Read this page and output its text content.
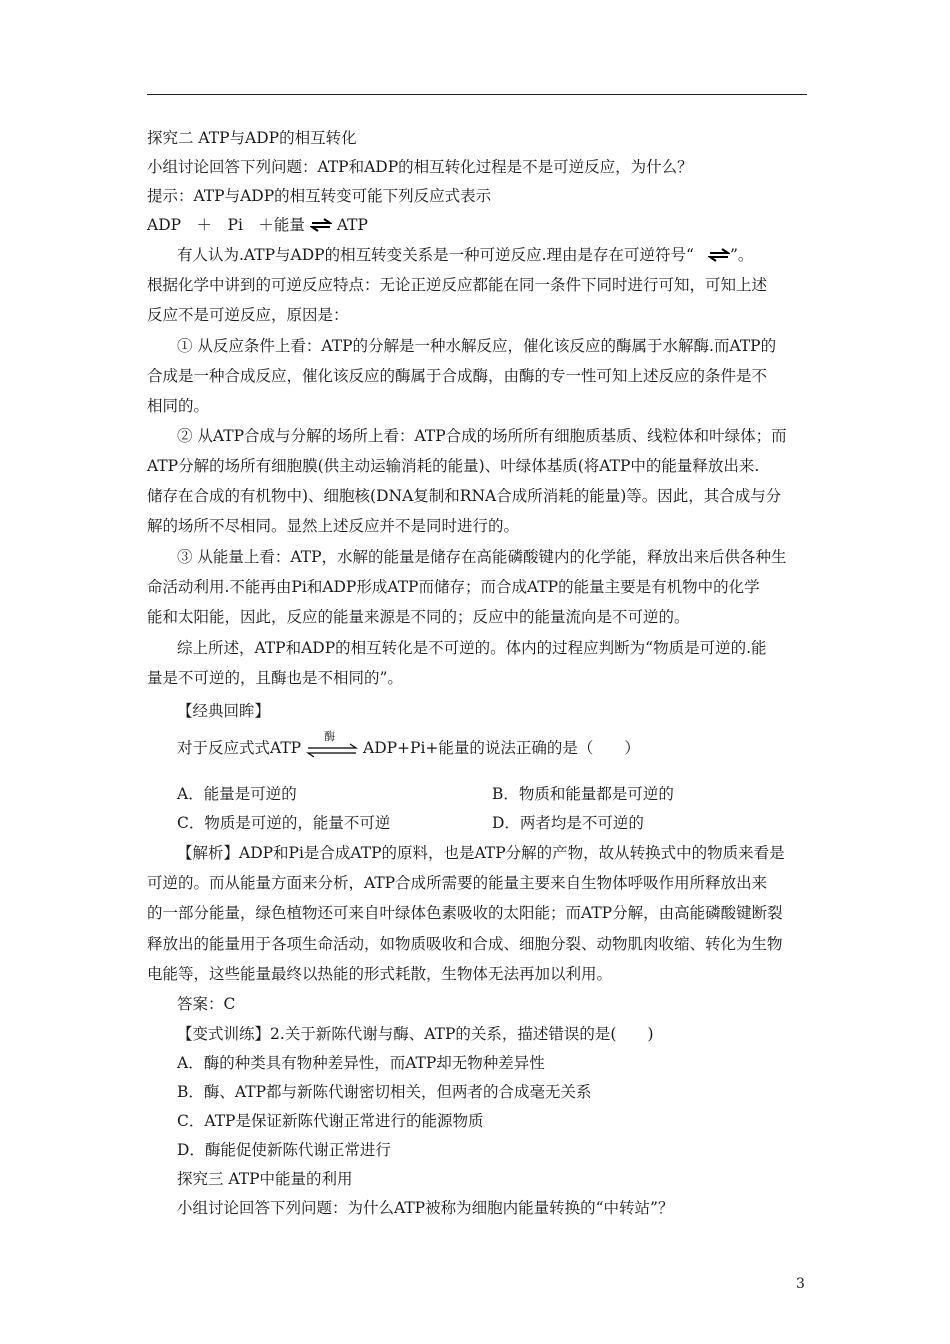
探究二 ATP与ADP的相互转化
小组讨论回答下列问题：ATP和ADP的相互转化过程是不是可逆反应，为什么？
提示：ATP与ADP的相互转变可能下列反应式表示
ADP　＋　Pi　＋能量 ⇌ ATP
有人认为.ATP与ADP的相互转变关系是一种可逆反应.理由是存在可逆符号“ ⇌”。
根据化学中讲到的可逆反应特点：无论正逆反应都能在同一条件下同时进行可知，可知上述
反应不是可逆反应，原因是：
① 从反应条件上看：ATP的分解是一种水解反应，催化该反应的酶属于水解酶.而ATP的
合成是一种合成反应，催化该反应的酶属于合成酶，由酶的专一性可知上述反应的条件是不
相同的。
② 从ATP合成与分解的场所上看：ATP合成的场所所有细胞质基质、线粒体和叶绿体；而
ATP分解的场所有细胞膜(供主动运输消耗的能量)、叶绿体基质(将ATP中的能量释放出来.
储存在合成的有机物中)、细胞核(DNA复制和RNA合成所消耗的能量)等。因此，其合成与分
解的场所不尽相同。显然上述反应并不是同时进行的。
③ 从能量上看：ATP，水解的能量是储存在高能磷酸键内的化学能，释放出来后供各种生
命活动利用.不能再由Pi和ADP形成ATP而储存；而合成ATP的能量主要是有机物中的化学
能和太阳能，因此，反应的能量来源是不同的；反应中的能量流向是不可逆的。
综上所述，ATP和ADP的相互转化是不可逆的。体内的过程应判断为“物质是可逆的.能
量是不可逆的，且酶也是不相同的”。
【经典回眸】
对于反应式式ATP
酶
ADP+Pi+能量的说法正确的是（　　）
A．能量是可逆的	B．物质和能量都是可逆的
C．物质是可逆的，能量不可逆	D．两者均是不可逆的
【解析】ADP和Pi是合成ATP的原料，也是ATP分解的产物，故从转换式中的物质来看是
可逆的。而从能量方面来分析，ATP合成所需要的能量主要来自生物体呼吸作用所释放出来
的一部分能量，绿色植物还可来自叶绿体色素吸收的太阳能；而ATP分解，由高能磷酸键断裂
释放出的能量用于各项生命活动，如物质吸收和合成、细胞分裂、动物肌肉收缩、转化为生物
电能等，这些能量最终以热能的形式耗散，生物体无法再加以利用。
答案：C
【变式训练】2.关于新陈代谢与酶、ATP的关系，描述错误的是(　　)
A．酶的种类具有物种差异性，而ATP却无物种差异性
B．酶、ATP都与新陈代谢密切相关，但两者的合成毫无关系
C．ATP是保证新陈代谢正常进行的能源物质
D．酶能促使新陈代谢正常进行
探究三 ATP中能量的利用
小组讨论回答下列问题：为什么ATP被称为细胞内能量转换的“中转站”？
3
